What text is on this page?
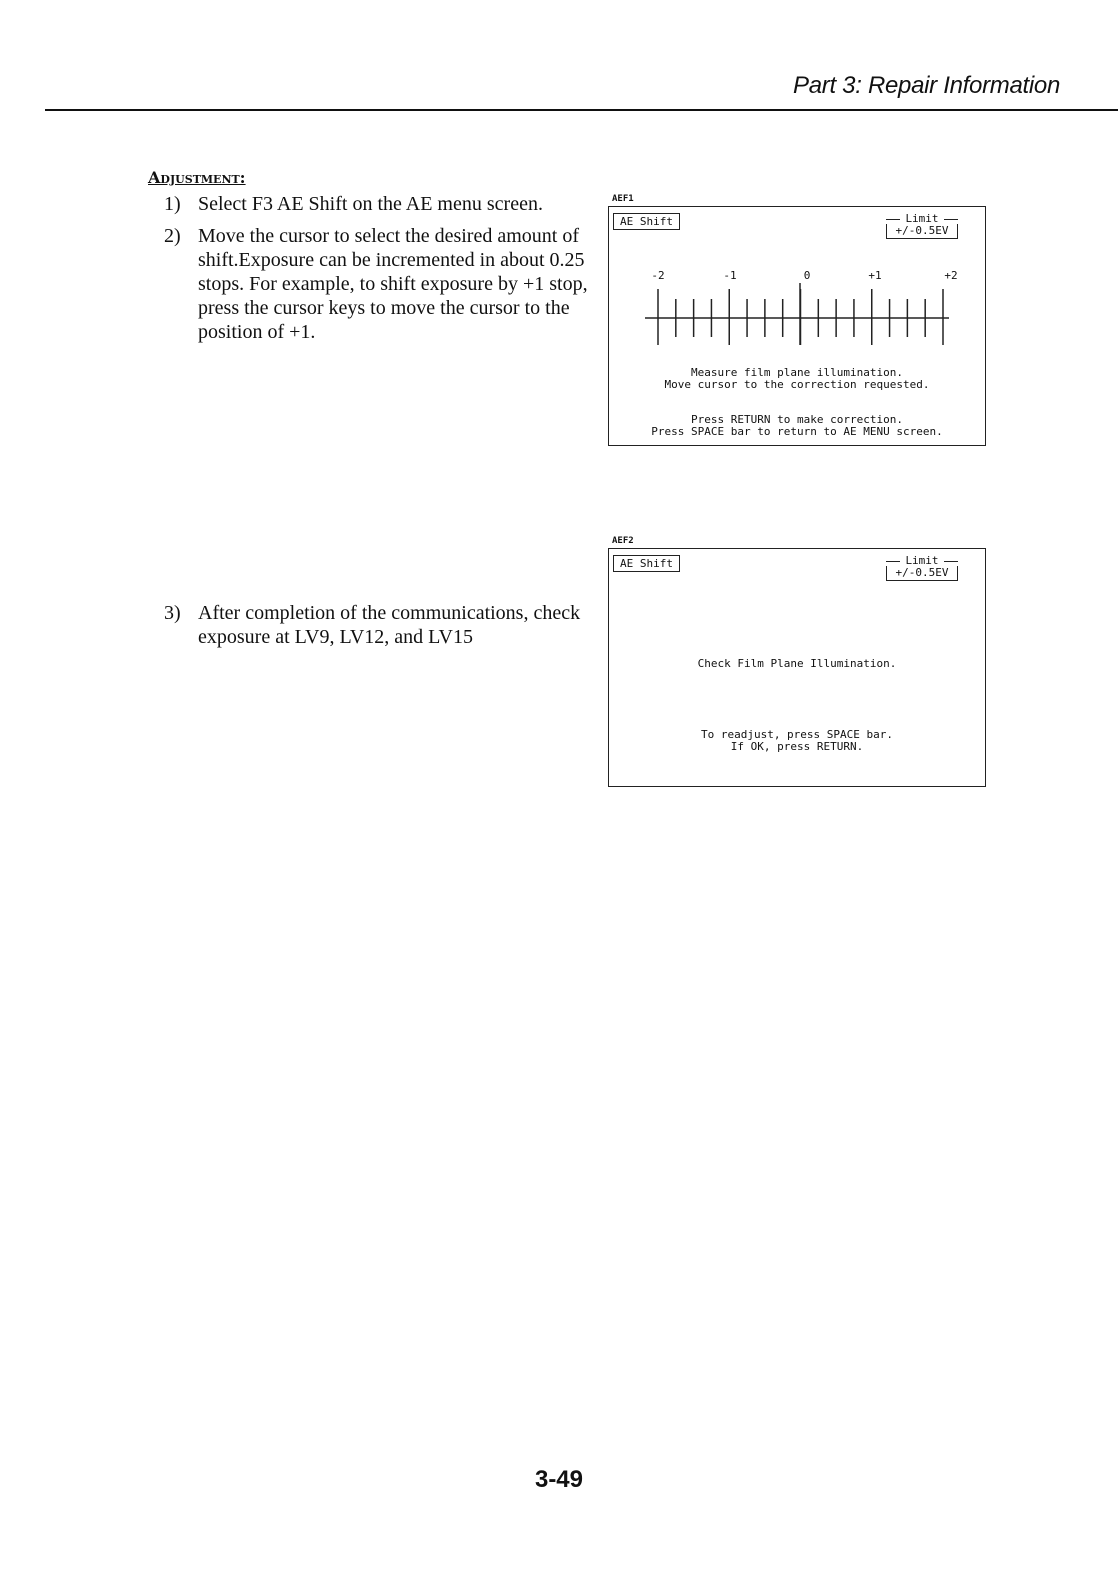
Part 3: Repair Information
Adjustment:
1) Select F3 AE Shift on the AE menu screen.
2) Move the cursor to select the desired amount of shift.Exposure can be incremented in about 0.25 stops. For example, to shift exposure by +1 stop, press the cursor keys to move the cursor to the position of +1.
3) After completion of the communications, check exposure at LV9, LV12, and LV15
AEF1
AE Shift	Limit
+/-0.5EV
-2	-1	0	+1	+2
Measure film plane illumination.
Move cursor to the correction requested.
Press RETURN to make correction.
Press SPACE bar to return to AE MENU screen.
AEF2
AE Shift	Limit
+/-0.5EV
Check Film Plane Illumination.
To readjust, press SPACE bar.
If OK, press RETURN.
3-49
